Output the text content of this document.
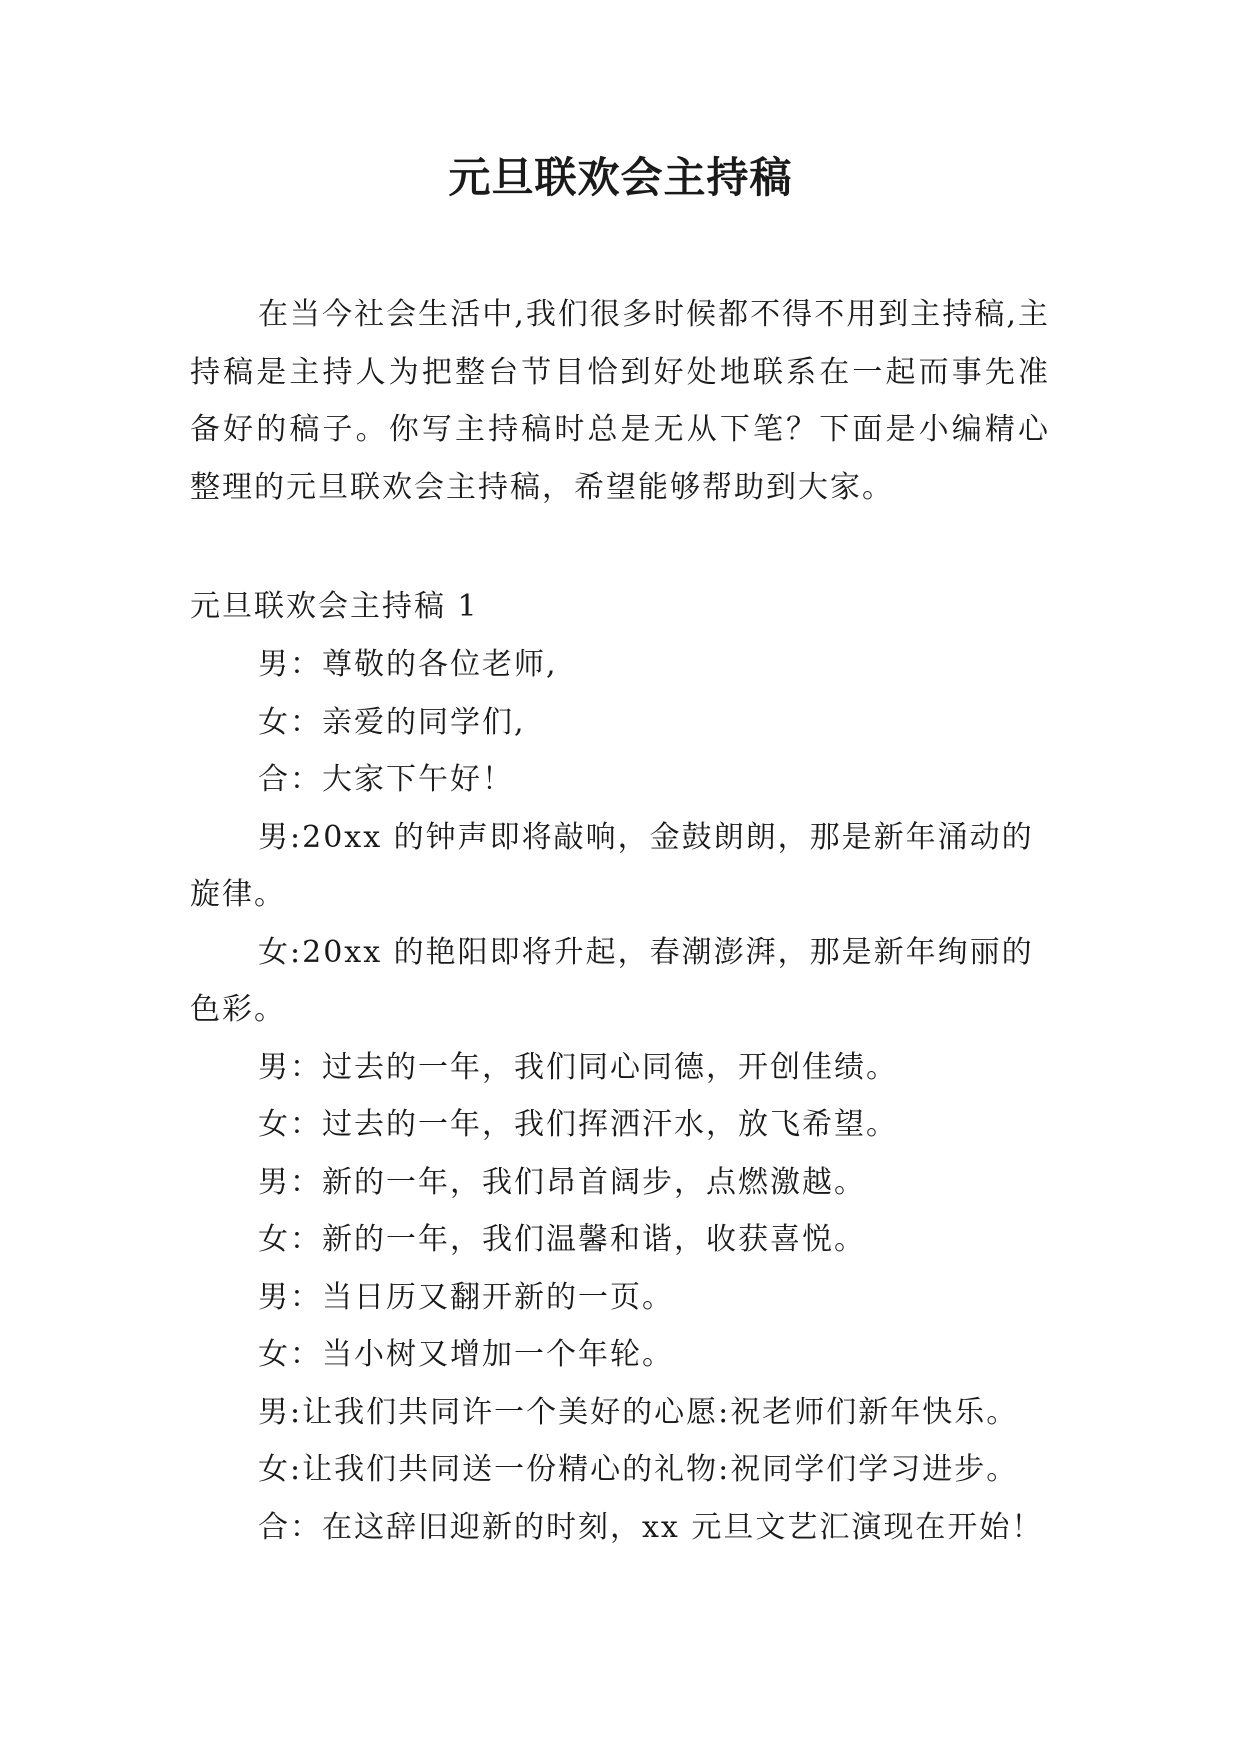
元旦联欢会主持稿

在当今社会生活中,我们很多时候都不得不用到主持稿,主持稿是主持人为把整台节目恰到好处地联系在一起而事先准备好的稿子。你写主持稿时总是无从下笔？下面是小编精心整理的元旦联欢会主持稿，希望能够帮助到大家。

元旦联欢会主持稿 1

男：尊敬的各位老师,

女：亲爱的同学们,

合：大家下午好！

男:20xx 的钟声即将敲响，金鼓朗朗，那是新年涌动的旋律。

女:20xx 的艳阳即将升起，春潮澎湃，那是新年绚丽的色彩。

男：过去的一年，我们同心同德，开创佳绩。

女：过去的一年，我们挥洒汗水，放飞希望。

男：新的一年，我们昂首阔步，点燃激越。

女：新的一年，我们温馨和谐，收获喜悦。

男：当日历又翻开新的一页。

女：当小树又增加一个年轮。

男:让我们共同许一个美好的心愿:祝老师们新年快乐。

女:让我们共同送一份精心的礼物:祝同学们学习进步。

合：在这辞旧迎新的时刻，xx 元旦文艺汇演现在开始！
